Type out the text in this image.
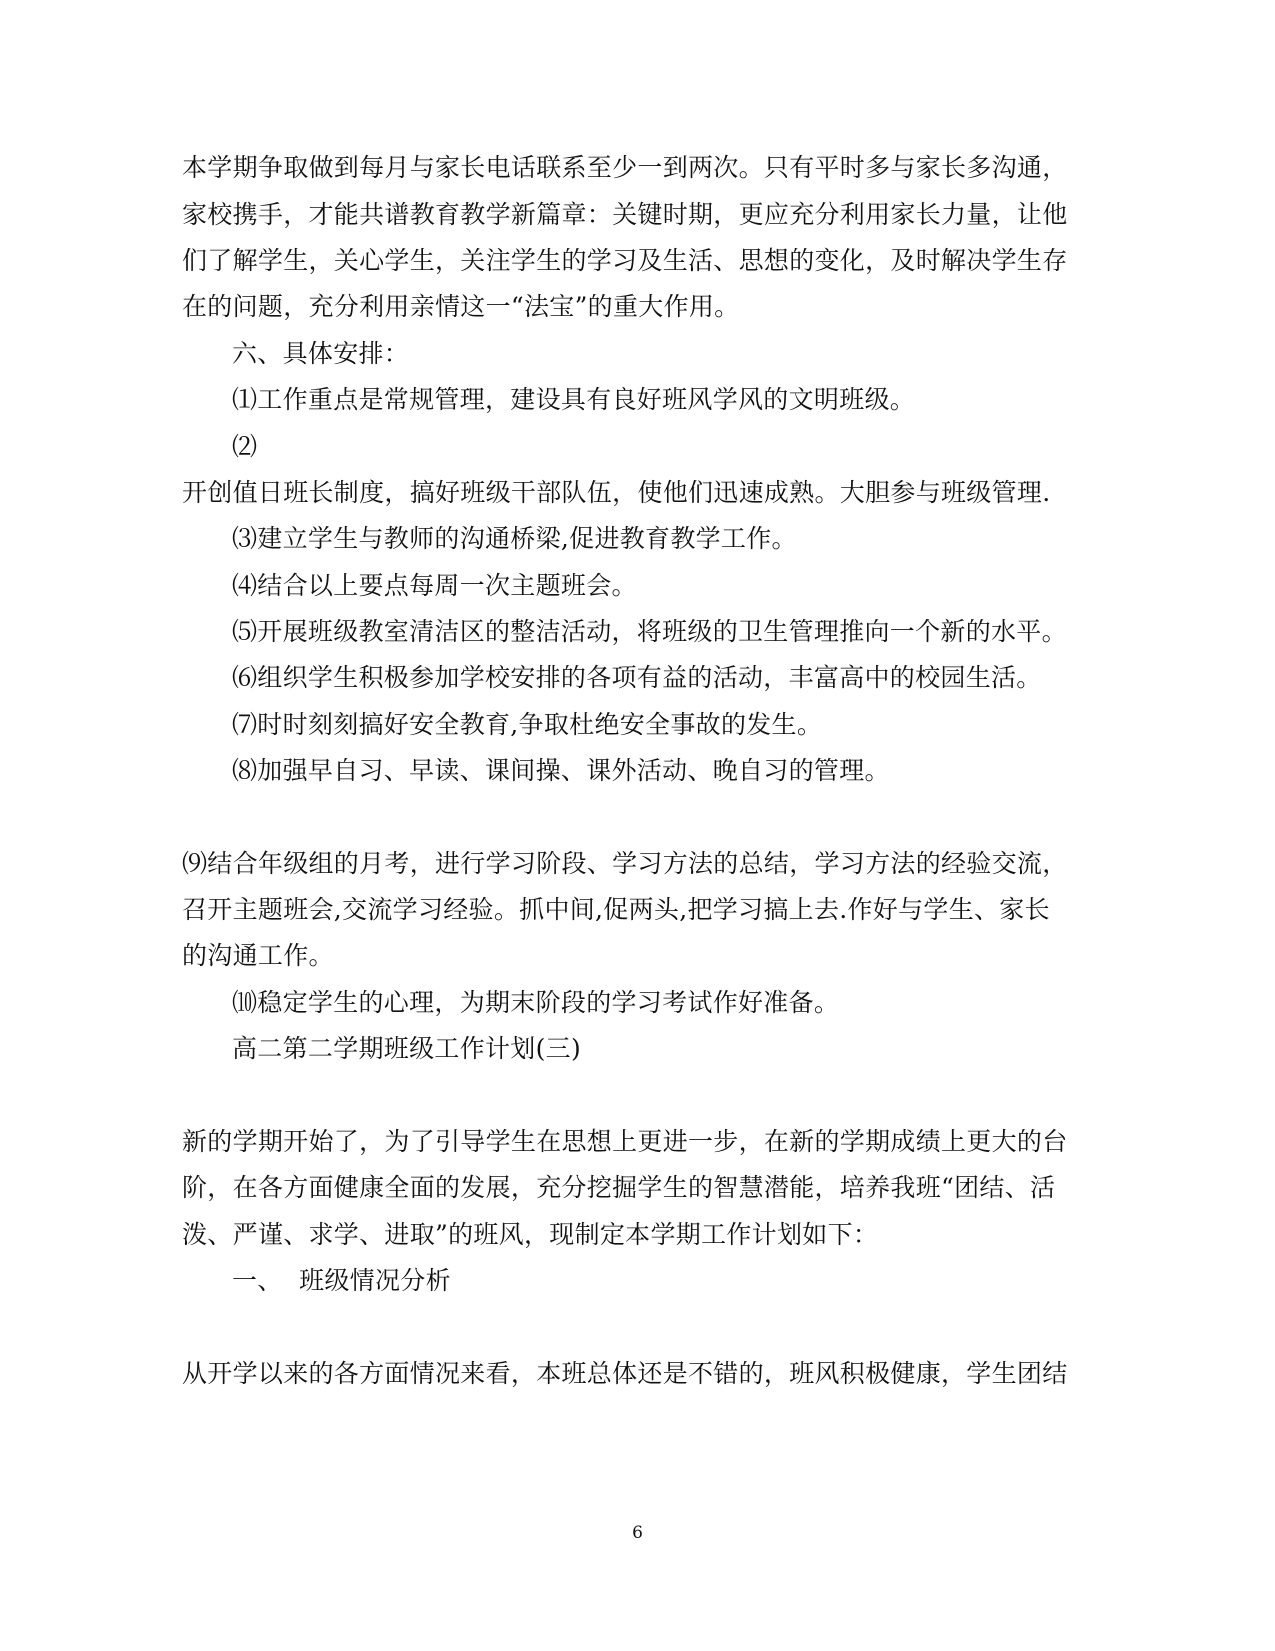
本学期争取做到每月与家长电话联系至少一到两次。只有平时多与家长多沟通，
家校携手，才能共谱教育教学新篇章：关键时期，更应充分利用家长力量，让他
们了解学生，关心学生，关注学生的学习及生活、思想的变化，及时解决学生存
在的问题，充分利用亲情这一“法宝”的重大作用。
六、具体安排：
⑴工作重点是常规管理，建设具有良好班风学风的文明班级。
⑵
开创值日班长制度，搞好班级干部队伍，使他们迅速成熟。大胆参与班级管理.
⑶建立学生与教师的沟通桥梁,促进教育教学工作。
⑷结合以上要点每周一次主题班会。
⑸开展班级教室清洁区的整洁活动，将班级的卫生管理推向一个新的水平。
⑹组织学生积极参加学校安排的各项有益的活动，丰富高中的校园生活。
⑺时时刻刻搞好安全教育,争取杜绝安全事故的发生。
⑻加强早自习、早读、课间操、课外活动、晚自习的管理。
⑼结合年级组的月考，进行学习阶段、学习方法的总结，学习方法的经验交流，
召开主题班会,交流学习经验。抓中间,促两头,把学习搞上去.作好与学生、家长
的沟通工作。
⑽稳定学生的心理，为期末阶段的学习考试作好准备。
高二第二学期班级工作计划(三)
新的学期开始了，为了引导学生在思想上更进一步，在新的学期成绩上更大的台
阶，在各方面健康全面的发展，充分挖掘学生的智慧潜能，培养我班“团结、活
泼、严谨、求学、进取”的班风，现制定本学期工作计划如下：
一、  班级情况分析
从开学以来的各方面情况来看，本班总体还是不错的，班风积极健康，学生团结
6
